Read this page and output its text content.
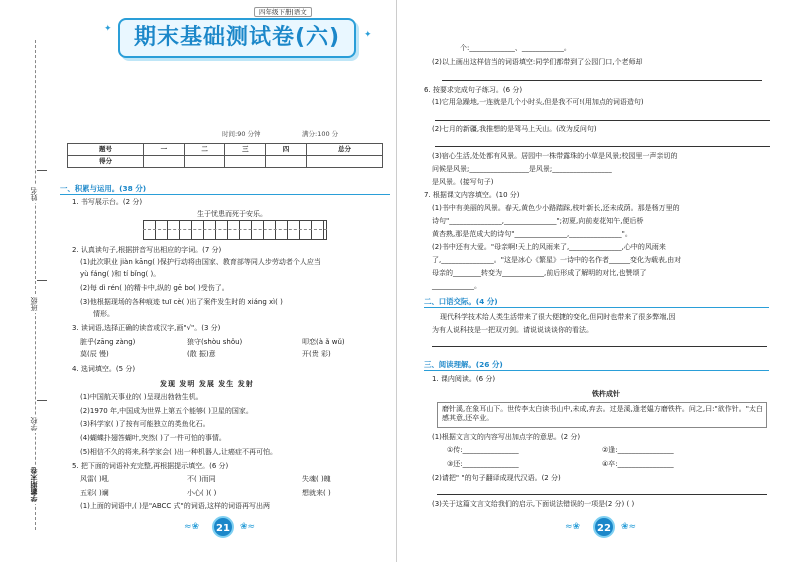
姓名
班级
学校
学霸期末卷
四年级下册|语文
✦
✦
期末基础测试卷(六)
时间:90 分钟	满分:100 分
题号	一	二	三	四	总分
得分					
一、积累与运用。(38 分)
1. 书写展示台。(2 分)
生于忧患而死于安乐。
2. 认真读句子,根据拼音写出相应的字词。(7 分)
(1)此次职业 jiàn kāng( )保护行动将由国家、教育部等同人步劳动者个人应当
yù fáng( )和 tí bǐng( )。
(2)每 dì rén( )的精卡中,纵的 gē bo( )受伤了。
(3)他根据现场的各种痕迹 tuī cè( )出了案件发生时的 xiáng xì( )
情形。
3. 读词语,选择正确的读音或汉字,画"√"。(3 分)
脏乎(zāng zàng)	狼守(shòu shǒu)	叩恋(à ǎ wǔ)
莫(辰 慢)	(散 振)意	开(贵 彩)
4. 选词填空。(5 分)
发现 发明 发展 发生 发射
(1)中国航天事业的( )呈现出勃勃生机。
(2)1970 年,中国成为世界上第五个能够( )卫星的国家。
(3)科学家( )了按有可能独立的类鱼化石。
(4)蝴蝶扑翅答蝴叶,突然( )了一件可怕的事情。
(5)相信不久的将来,科学家会( )出一种机器人,让癌症不再可怕。
5. 把下面的词语补充完整,再根据提示填空。(6 分)
风雷( )吼	不( )而同	失魂( )魄
五彩( )斓	小心( )( )	想就来( )
(1)上面的词语中,( )是"ABCC 式"的词语,这样的词语再写出两
≈❀	21	❀≈
个:_____________、____________。
(2)以上画出这样信当的词语填空:同学们都带到了公园门口,个老师却
6. 按要求完成句子练习。(6 分)
(1)它用急躁地,一连就是几个小时头,但是我不可!(用加点的词语造句)
(2)七月的新疆,我推想的是驾马上天山。(改为反问句)
(3)宿心生活,处处都有风景。居园中一株带露珠的小草是风景;校园里一声亲切的
问候是风景;_________________是风景;_________________
是风景。(接写句子)
7. 根据课文内容填空。(10 分)
(1)书中有美丽的风景。春天,黄色少小路踏踩,枝叶新长,还未成荫。那是杨万里的
诗句"_______________,_______________";初夏,向前麦花知午,便后桥
黄杏熟,那是范成大的诗句"_______________,_______________"。
(2)书中还有大爱。"母亲啊!天上的风雨来了,_______________,心中的风雨来
了,_______________。"这是冰心《繁星》一诗中的名作者______变化为载表,由对
母亲的________转变为____________,前后形成了解明的对比,也赞颂了
____________。
二、口语交际。(4 分)
现代科学技术给人类生活带来了很大便捷的变化,但同时也带来了很多弊端,因
为有人说科技是一把双刃剑。请说说谈谈你的看法。
三、阅读理解。(26 分)
1. 课内阅读。(6 分)
铁杵成针
磨针溪,在象耳山下。世传李太白读书山中,未成,弃去。过是溪,逢老媪方磨铁杵。问之,曰:"欲作针。"太白感其意,还卒业。
(1)根据文言文的内容写出加点字的意思。(2 分)
①传:________________	②逢:________________
③还:________________	④卒:________________
(2)请把" "的句子翻译成现代汉语。(2 分)
(3)关于这篇文言文给我们的启示,下面说法错误的一项是(2 分) ( )
≈❀	22	❀≈
